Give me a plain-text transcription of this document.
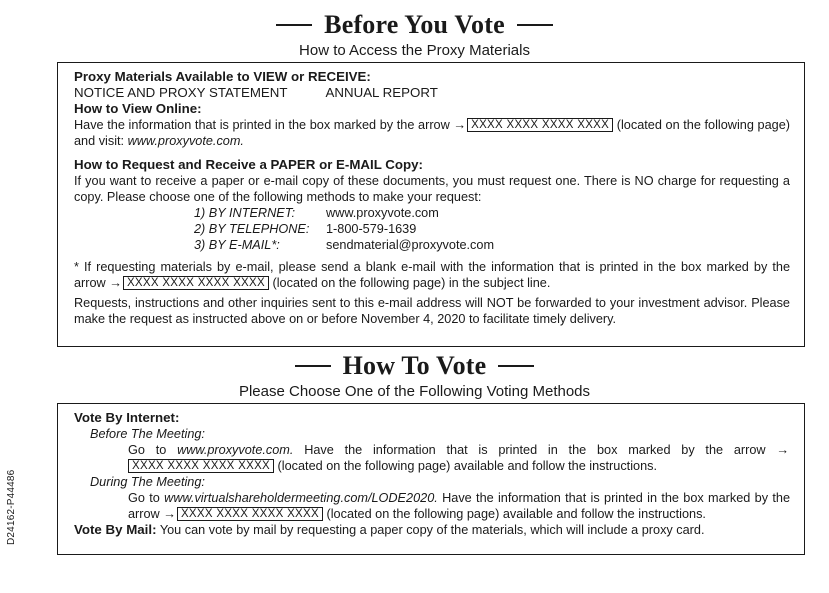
Before You Vote
How to Access the Proxy Materials

Proxy Materials Available to VIEW or RECEIVE:

NOTICE AND PROXY STATEMENT	ANNUAL REPORT

How to View Online:

Have the information that is printed in the box marked by the arrow → XXXX XXXX XXXX XXXX (located on the following page) and visit: www.proxyvote.com.

How to Request and Receive a PAPER or E-MAIL Copy:

If you want to receive a paper or e-mail copy of these documents, you must request one. There is NO charge for requesting a copy. Please choose one of the following methods to make your request:

1) BY INTERNET:	www.proxyvote.com
2) BY TELEPHONE:	1-800-579-1639
3) BY E-MAIL*:	sendmaterial@proxyvote.com

* If requesting materials by e-mail, please send a blank e-mail with the information that is printed in the box marked by the arrow → XXXX XXXX XXXX XXXX (located on the following page) in the subject line.

Requests, instructions and other inquiries sent to this e-mail address will NOT be forwarded to your investment advisor. Please make the request as instructed above on or before November 4, 2020 to facilitate timely delivery.

How To Vote
Please Choose One of the Following Voting Methods

Vote By Internet:

Before The Meeting:

Go to www.proxyvote.com. Have the information that is printed in the box marked by the arrow →XXXX XXXX XXXX XXXX (located on the following page) available and follow the instructions.

During The Meeting:

Go to www.virtualshareholdermeeting.com/LODE2020. Have the information that is printed in the box marked by the arrow → XXXX XXXX XXXX XXXX (located on the following page) available and follow the instructions.

Vote By Mail: You can vote by mail by requesting a paper copy of the materials, which will include a proxy card.

D24162-P44486
